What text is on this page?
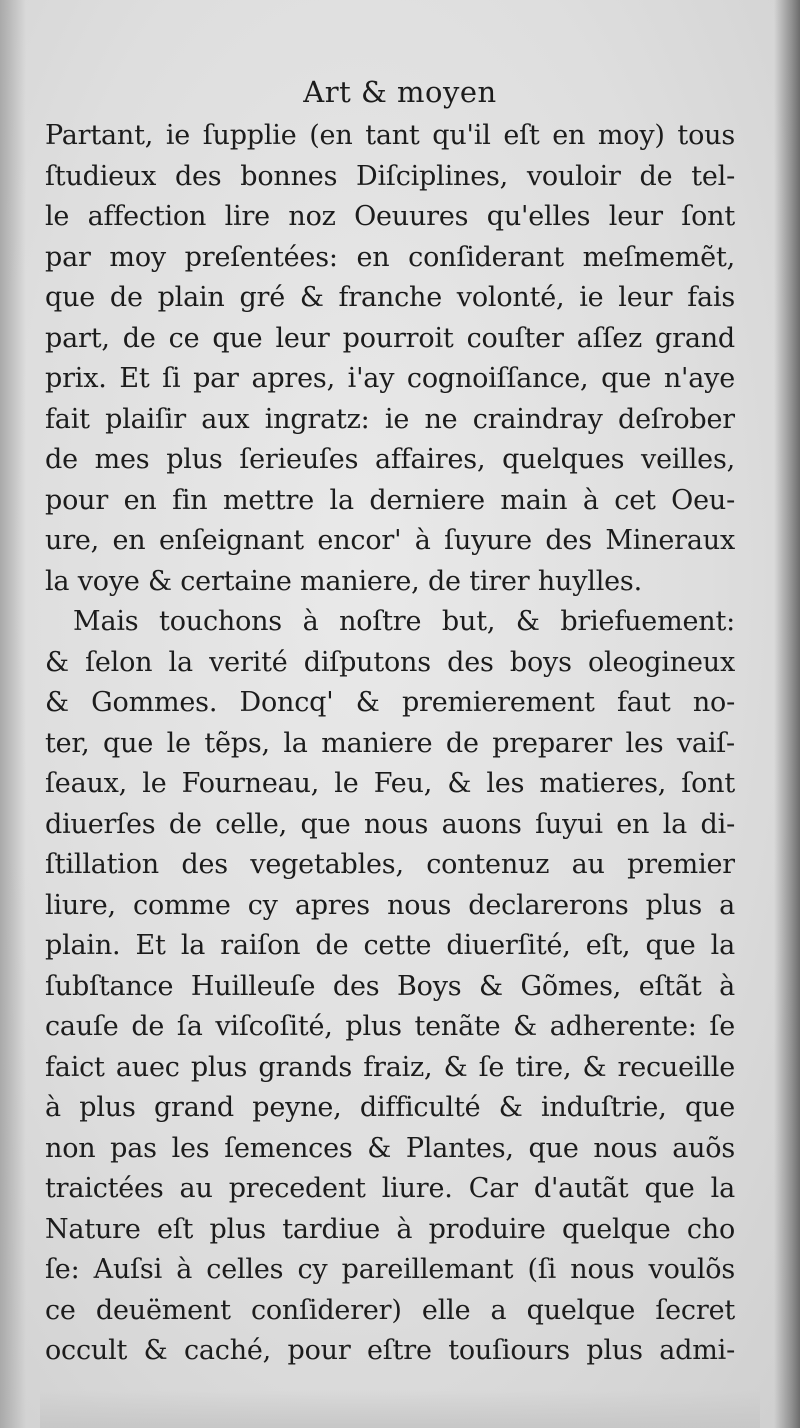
Art & moyen
Partant, ie ſupplie (en tant qu'il eſt en moy) tous
ſtudieux des bonnes Diſciplines, vouloir de tel-
le affection lire noz Oeuures qu'elles leur ſont
par moy preſentées: en conſiderant meſmemẽt,
que de plain gré & franche volonté, ie leur fais
part, de ce que leur pourroit couſter aſſez grand
prix. Et ſi par apres, i'ay cognoiſſance, que n'aye
fait plaiſir aux ingratz: ie ne craindray deſrober
de mes plus ſerieuſes affaires, quelques veilles,
pour en fin mettre la derniere main à cet Oeu-
ure, en enſeignant encor' à ſuyure des Mineraux
la voye & certaine maniere, de tirer huylles.
Mais touchons à noſtre but, & briefuement:
& ſelon la verité diſputons des boys oleogineux
& Gommes. Doncq' & premierement faut no-
ter, que le tẽps, la maniere de preparer les vaiſ-
ſeaux, le Fourneau, le Feu, & les matieres, ſont
diuerſes de celle, que nous auons ſuyui en la di-
ſtillation des vegetables, contenuz au premier
liure, comme cy apres nous declarerons plus a
plain. Et la raiſon de cette diuerſité, eſt, que la
ſubſtance Huilleuſe des Boys & Gõmes, eſtãt à
cauſe de ſa viſcoſité, plus tenãte & adherente: ſe
faict auec plus grands fraiz, & ſe tire, & recueille
à plus grand peyne, difficulté & induſtrie, que
non pas les ſemences & Plantes, que nous auõs
traictées au precedent liure. Car d'autãt que la
Nature eſt plus tardiue à produire quelque cho
ſe: Auſsi à celles cy pareillemant (ſi nous voulõs
ce deuëment conſiderer) elle a quelque ſecret
occult & caché, pour eſtre touſiours plus admi-
